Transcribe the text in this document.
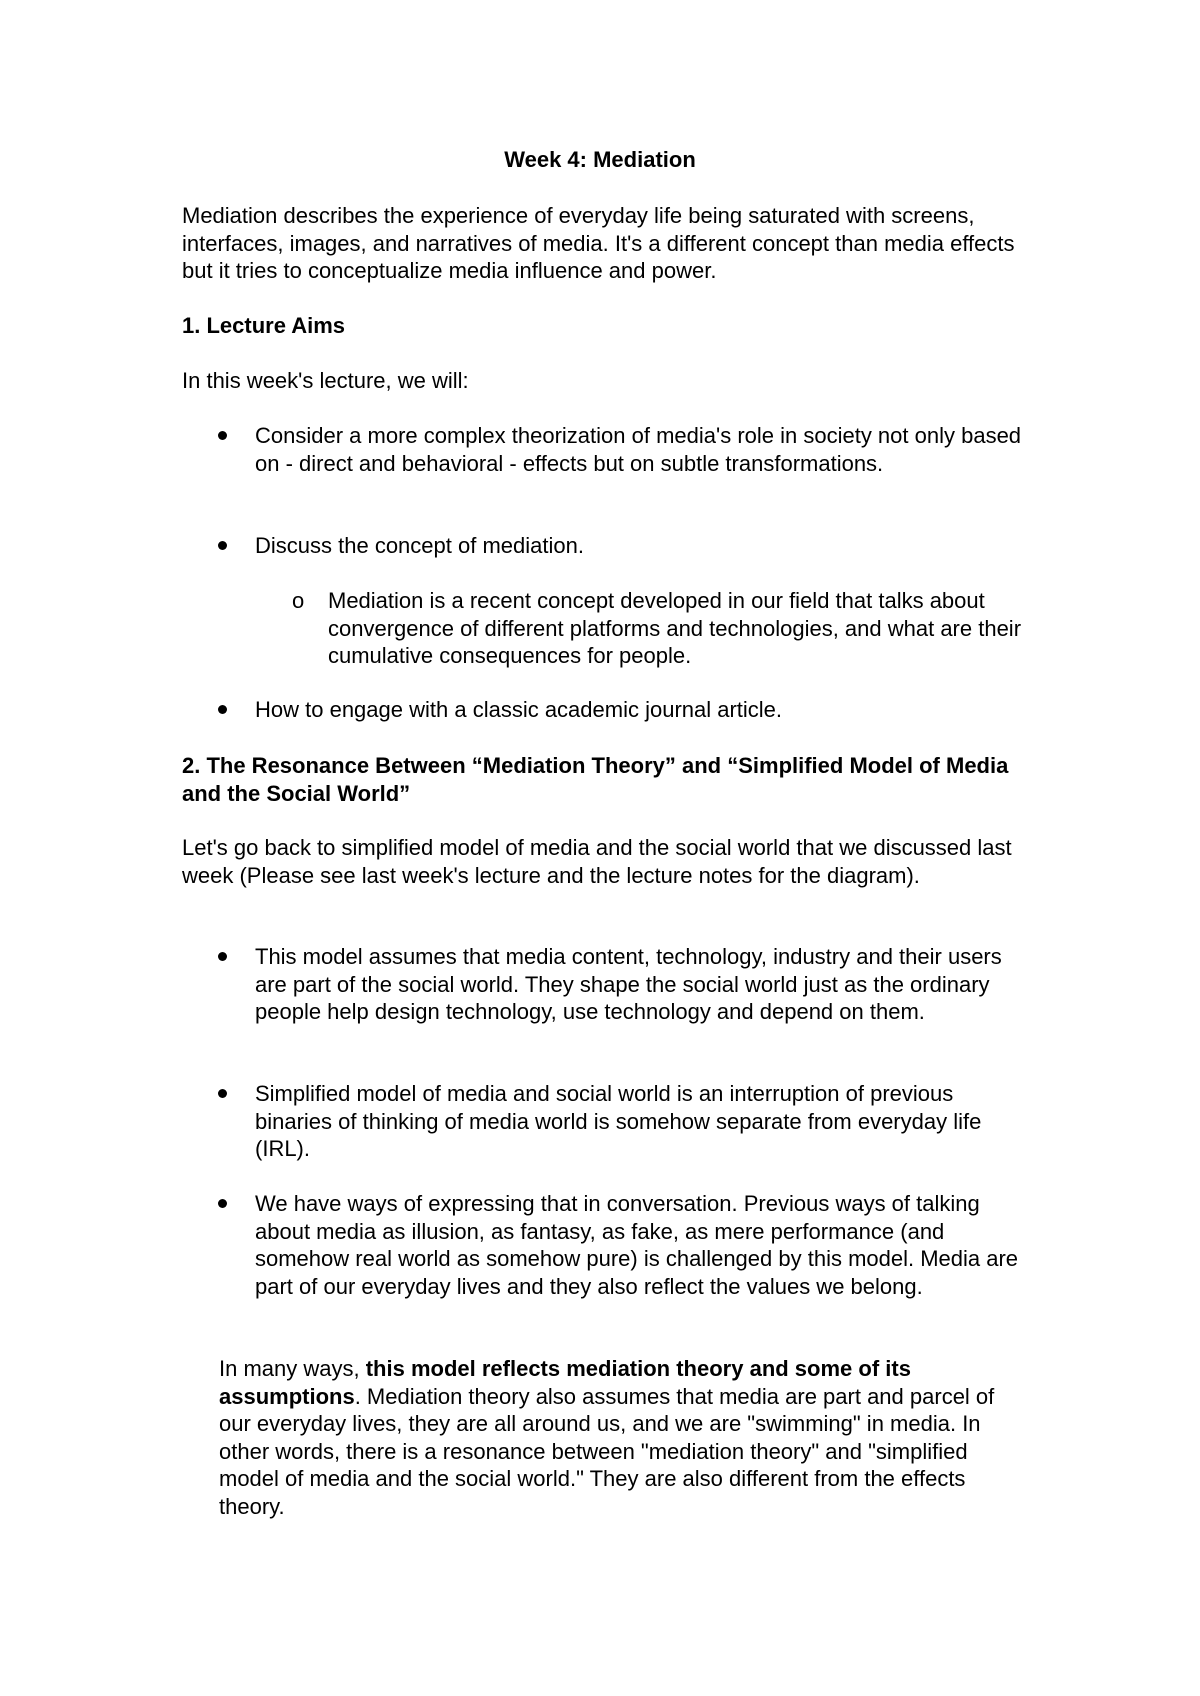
Week 4: Mediation

Mediation describes the experience of everyday life being saturated with screens, interfaces, images, and narratives of media. It's a different concept than media effects but it tries to conceptualize media influence and power.

1. Lecture Aims

In this week's lecture, we will:

Consider a more complex theorization of media's role in society not only based on - direct and behavioral - effects but on subtle transformations.

Discuss the concept of mediation.

o Mediation is a recent concept developed in our field that talks about convergence of different platforms and technologies, and what are their cumulative consequences for people.

How to engage with a classic academic journal article.

2. The Resonance Between “Mediation Theory” and “Simplified Model of Media and the Social World”

Let's go back to simplified model of media and the social world that we discussed last week (Please see last week's lecture and the lecture notes for the diagram).

This model assumes that media content, technology, industry and their users are part of the social world. They shape the social world just as the ordinary people help design technology, use technology and depend on them.

Simplified model of media and social world is an interruption of previous binaries of thinking of media world is somehow separate from everyday life (IRL).

We have ways of expressing that in conversation. Previous ways of talking about media as illusion, as fantasy, as fake, as mere performance (and somehow real world as somehow pure) is challenged by this model. Media are part of our everyday lives and they also reflect the values we belong.

In many ways, this model reflects mediation theory and some of its assumptions. Mediation theory also assumes that media are part and parcel of our everyday lives, they are all around us, and we are "swimming" in media. In other words, there is a resonance between "mediation theory" and "simplified model of media and the social world." They are also different from the effects theory.
